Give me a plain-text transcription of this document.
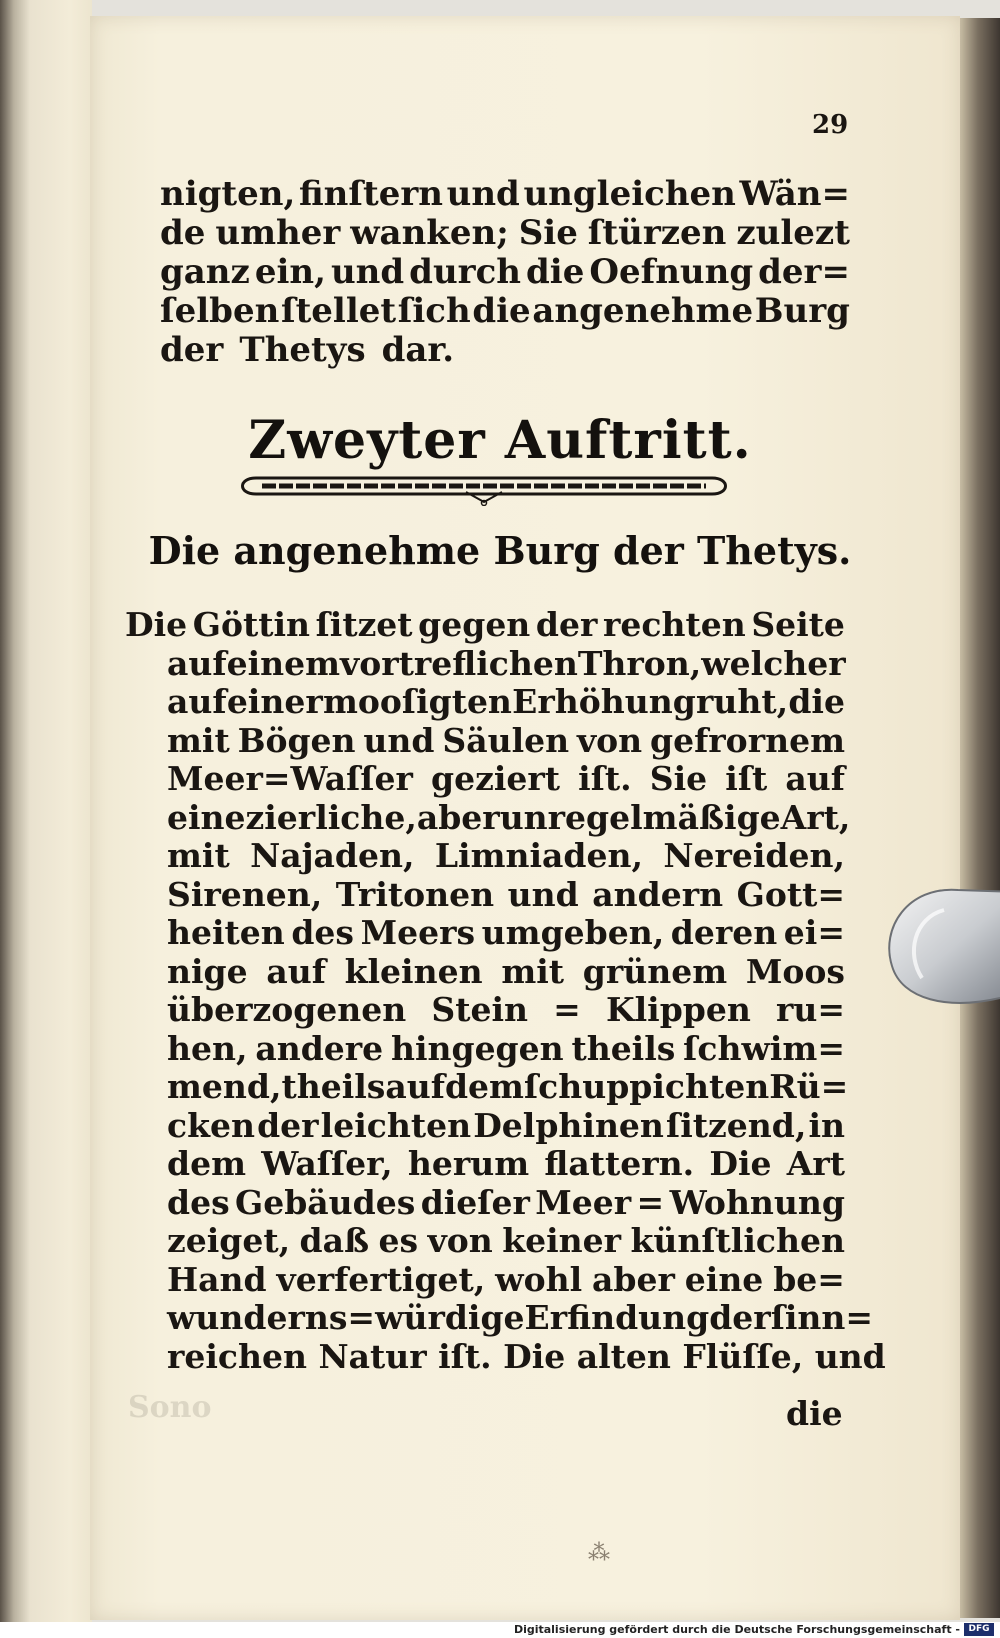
29
nigten, finſtern und ungleichen Wän=
de umher wanken; Sie ſtürzen zulezt
ganz ein, und durch die Oefnung der=
ſelben ſtellet ſich die angenehme Burg
der Thetys dar.
Zweyter Auftritt.
Die angenehme Burg der Thetys.
Die Göttin ſitzet gegen der rechten Seite
auf einem vortreflichen Thron, welcher
auf einer mooſigten Erhöhung ruht, die
mit Bögen und Säulen von gefrornem
Meer=Waſſer geziert iſt. Sie iſt auf
eine zierliche, aber unregelmäßige Art,
mit Najaden, Limniaden, Nereiden,
Sirenen, Tritonen und andern Gott=
heiten des Meers umgeben, deren ei=
nige auf kleinen mit grünem Moos
überzogenen Stein = Klippen ru=
hen, andere hingegen theils ſchwim=
mend, theils auf dem ſchuppichten Rü=
cken der leichten Delphinen ſitzend, in
dem Waſſer, herum flattern. Die Art
des Gebäudes dieſer Meer = Wohnung
zeiget, daß es von keiner künſtlichen
Hand verfertiget, wohl aber eine be=
wunderns=würdige Erfindung der ſinn=
reichen Natur iſt. Die alten Flüſſe, und
die
Sono
⁂
Digitalisierung gefördert durch die Deutsche Forschungsgemeinschaft - DFG
